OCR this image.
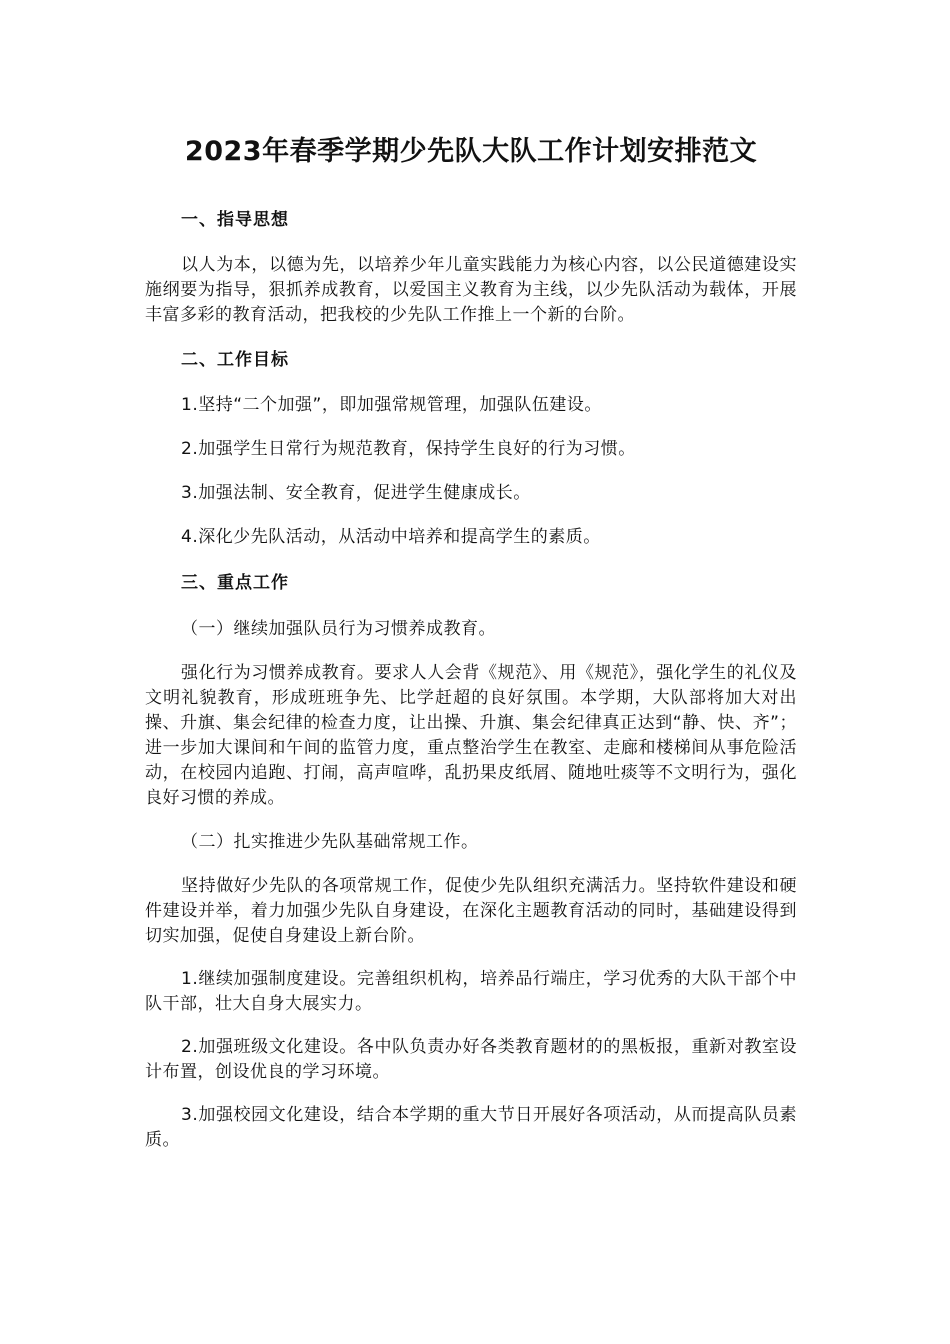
2023年春季学期少先队大队工作计划安排范文
一、指导思想

以人为本，以德为先，以培养少年儿童实践能力为核心内容，以公民道德建设实施纲要为指导，狠抓养成教育，以爱国主义教育为主线，以少先队活动为载体，开展丰富多彩的教育活动，把我校的少先队工作推上一个新的台阶。

二、工作目标

1.坚持“二个加强”，即加强常规管理，加强队伍建设。

2.加强学生日常行为规范教育，保持学生良好的行为习惯。

3.加强法制、安全教育，促进学生健康成长。

4.深化少先队活动，从活动中培养和提高学生的素质。

三、重点工作

（一）继续加强队员行为习惯养成教育。

强化行为习惯养成教育。要求人人会背《规范》、用《规范》，强化学生的礼仪及文明礼貌教育，形成班班争先、比学赶超的良好氛围。本学期，大队部将加大对出操、升旗、集会纪律的检查力度，让出操、升旗、集会纪律真正达到“静、快、齐”；进一步加大课间和午间的监管力度，重点整治学生在教室、走廊和楼梯间从事危险活动，在校园内追跑、打闹，高声喧哗，乱扔果皮纸屑、随地吐痰等不文明行为，强化良好习惯的养成。

（二）扎实推进少先队基础常规工作。

坚持做好少先队的各项常规工作，促使少先队组织充满活力。坚持软件建设和硬件建设并举，着力加强少先队自身建设，在深化主题教育活动的同时，基础建设得到切实加强，促使自身建设上新台阶。

1.继续加强制度建设。完善组织机构，培养品行端庄，学习优秀的大队干部个中队干部，壮大自身大展实力。

2.加强班级文化建设。各中队负责办好各类教育题材的的黑板报，重新对教室设计布置，创设优良的学习环境。

3.加强校园文化建设，结合本学期的重大节日开展好各项活动，从而提高队员素质。
